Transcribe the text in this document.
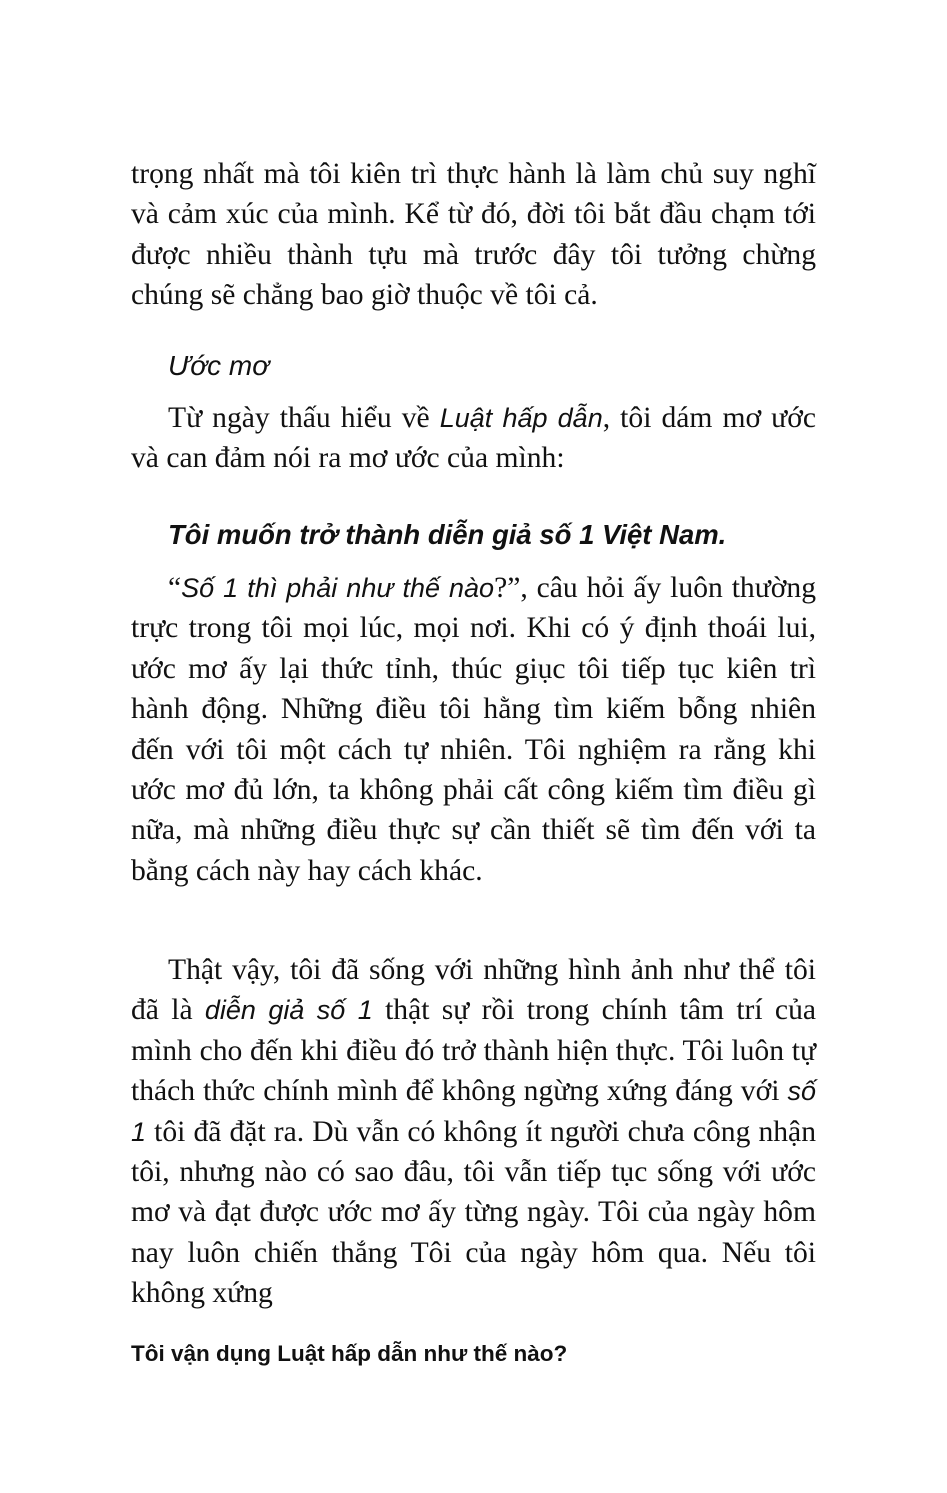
trọng nhất mà tôi kiên trì thực hành là làm chủ suy nghĩ và cảm xúc của mình. Kể từ đó, đời tôi bắt đầu chạm tới được nhiều thành tựu mà trước đây tôi tưởng chừng chúng sẽ chẳng bao giờ thuộc về tôi cả.

Ước mơ

Từ ngày thấu hiểu về Luật hấp dẫn, tôi dám mơ ước và can đảm nói ra mơ ước của mình:

Tôi muốn trở thành diễn giả số 1 Việt Nam.

“Số 1 thì phải như thế nào?”, câu hỏi ấy luôn thường trực trong tôi mọi lúc, mọi nơi. Khi có ý định thoái lui, ước mơ ấy lại thức tỉnh, thúc giục tôi tiếp tục kiên trì hành động. Những điều tôi hằng tìm kiếm bỗng nhiên đến với tôi một cách tự nhiên. Tôi nghiệm ra rằng khi ước mơ đủ lớn, ta không phải cất công kiếm tìm điều gì nữa, mà những điều thực sự cần thiết sẽ tìm đến với ta bằng cách này hay cách khác.

Thật vậy, tôi đã sống với những hình ảnh như thể tôi đã là diễn giả số 1 thật sự rồi trong chính tâm trí của mình cho đến khi điều đó trở thành hiện thực. Tôi luôn tự thách thức chính mình để không ngừng xứng đáng với số 1 tôi đã đặt ra. Dù vẫn có không ít người chưa công nhận tôi, nhưng nào có sao đâu, tôi vẫn tiếp tục sống với ước mơ và đạt được ước mơ ấy từng ngày. Tôi của ngày hôm nay luôn chiến thắng Tôi của ngày hôm qua. Nếu tôi không xứng

Tôi vận dụng Luật hấp dẫn như thế nào?
